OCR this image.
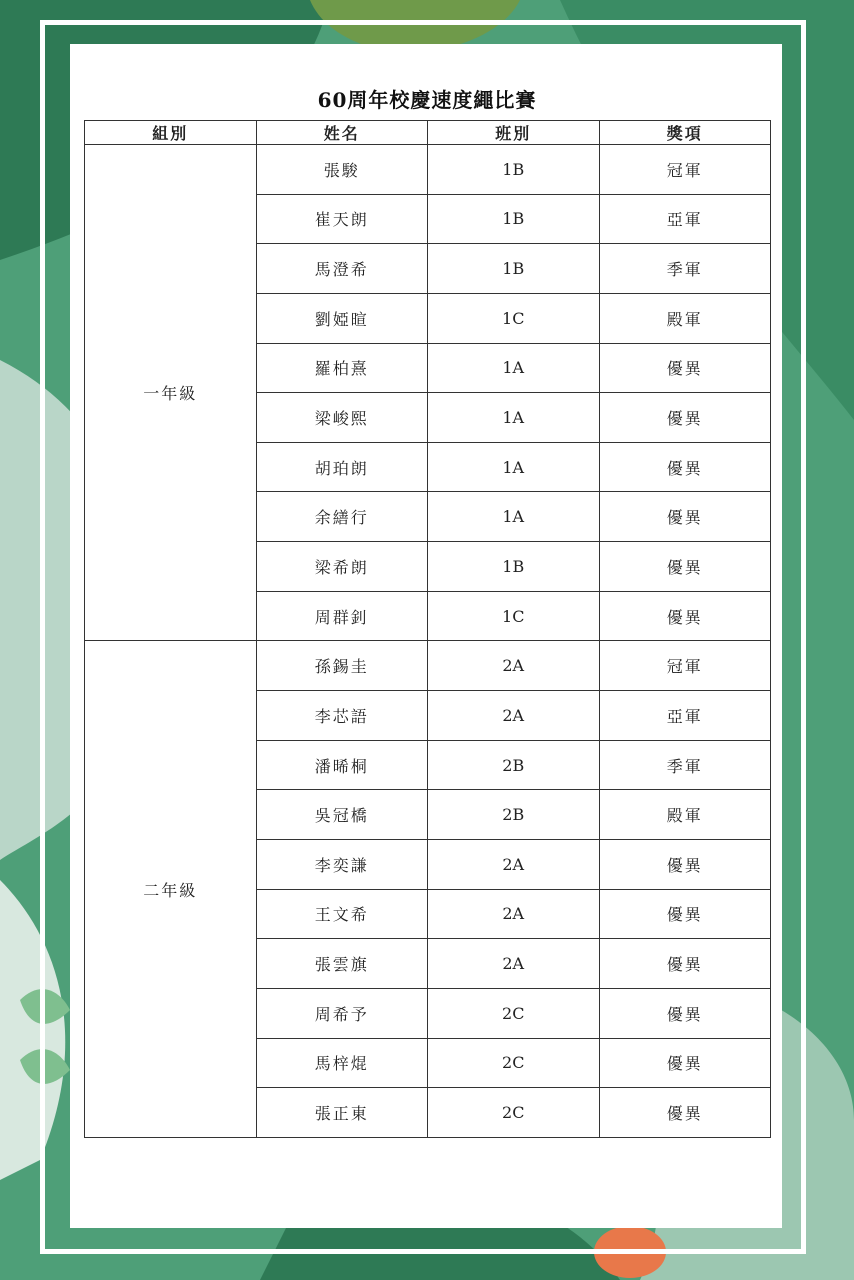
60周年校慶速度繩比賽
組別	姓名	班別	獎項
一年級	張駿	1B	冠軍
	崔天朗	1B	亞軍
	馬澄希	1B	季軍
	劉婭暄	1C	殿軍
	羅柏熹	1A	優異
	梁峻熙	1A	優異
	胡珀朗	1A	優異
	余繕行	1A	優異
	梁希朗	1B	優異
	周群釗	1C	優異
二年級	孫錫圭	2A	冠軍
	李芯語	2A	亞軍
	潘晞桐	2B	季軍
	吳冠橋	2B	殿軍
	李奕謙	2A	優異
	王文希	2A	優異
	張雲旗	2A	優異
	周希予	2C	優異
	馬梓焜	2C	優異
	張正東	2C	優異
